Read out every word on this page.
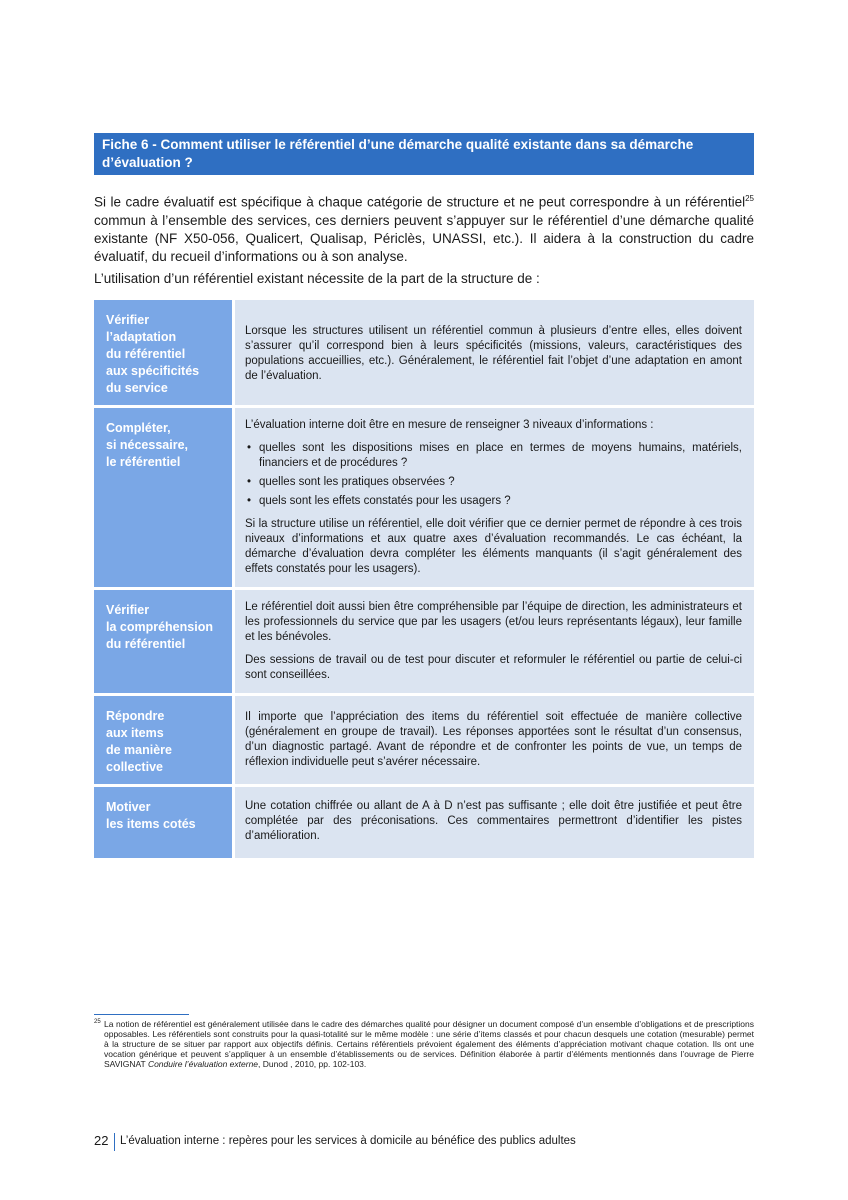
Fiche 6 - Comment utiliser le référentiel d’une démarche qualité existante dans sa démarche d’évaluation ?

Si le cadre évaluatif est spécifique à chaque catégorie de structure et ne peut correspondre à un référentiel$^{25}$ commun à l’ensemble des services, ces derniers peuvent s’appuyer sur le référentiel d’une démarche qualité existante (NF X50-056, Qualicert, Qualisap, Périclès, UNASSI, etc.). Il aidera à la construction du cadre évaluatif, du recueil d’informations ou à son analyse.

L’utilisation d’un référentiel existant nécessite de la part de la structure de :

Vérifier
l’adaptation
du référentiel
aux spécificités
du service

Lorsque les structures utilisent un référentiel commun à plusieurs d’entre elles, elles doivent s’assurer qu’il correspond bien à leurs spécificités (missions, valeurs, caractéristiques des populations accueillies, etc.). Généralement, le référentiel fait l’objet d’une adaptation en amont de l’évaluation.

Compléter,
si nécessaire,
le référentiel

L’évaluation interne doit être en mesure de renseigner 3 niveaux d’informations :

• quelles sont les dispositions mises en place en termes de moyens humains, matériels, financiers et de procédures ?
• quelles sont les pratiques observées ?
• quels sont les effets constatés pour les usagers ?

Si la structure utilise un référentiel, elle doit vérifier que ce dernier permet de répondre à ces trois niveaux d’informations et aux quatre axes d’évaluation recommandés. Le cas échéant, la démarche d’évaluation devra compléter les éléments manquants (il s’agit généralement des effets constatés pour les usagers).

Vérifier
la compréhension
du référentiel

Le référentiel doit aussi bien être compréhensible par l’équipe de direction, les administrateurs et les professionnels du service que par les usagers (et/ou leurs représentants légaux), leur famille et les bénévoles.

Des sessions de travail ou de test pour discuter et reformuler le référentiel ou partie de celui-ci sont conseillées.

Répondre
aux items
de manière
collective

Il importe que l’appréciation des items du référentiel soit effectuée de manière collective (généralement en groupe de travail). Les réponses apportées sont le résultat d’un consensus, d’un diagnostic partagé. Avant de répondre et de confronter les points de vue, un temps de réflexion individuelle peut s’avérer nécessaire.

Motiver
les items cotés

Une cotation chiffrée ou allant de A à D n’est pas suffisante ; elle doit être justifiée et peut être complétée par des préconisations. Ces commentaires permettront d’identifier les pistes d’amélioration.

25 La notion de référentiel est généralement utilisée dans le cadre des démarches qualité pour désigner un document composé d’un ensemble d’obligations et de prescriptions opposables. Les référentiels sont construits pour la quasi-totalité sur le même modèle : une série d’items classés et pour chacun desquels une cotation (mesurable) permet à la structure de se situer par rapport aux objectifs définis. Certains référentiels prévoient également des éléments d’appréciation motivant chaque cotation. Ils ont une vocation générique et peuvent s’appliquer à un ensemble d’établissements ou de services. Définition élaborée à partir d’éléments mentionnés dans l’ouvrage de Pierre SAVIGNAT Conduire l’évaluation externe, Dunod , 2010, pp. 102-103.
22 L’évaluation interne : repères pour les services à domicile au bénéfice des publics adultes
